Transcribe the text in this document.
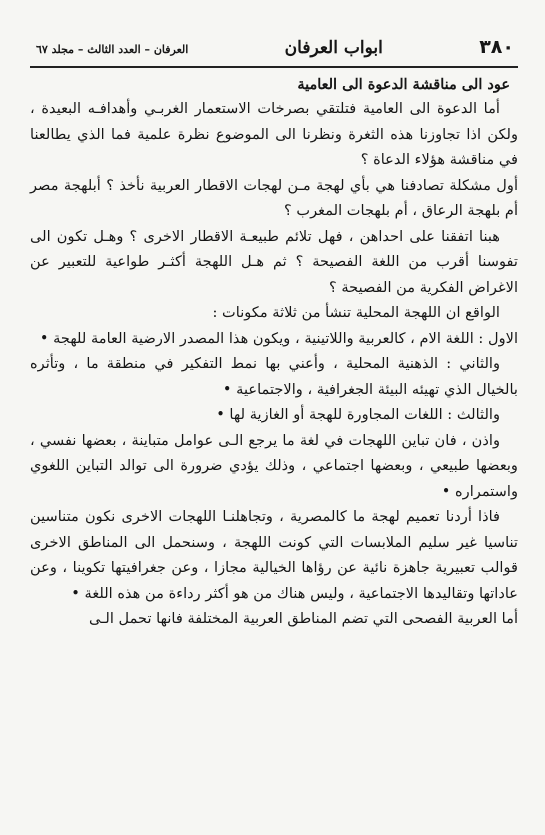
٣٨٠
ابواب العرفان
العرفان – العدد الثالث – مجلد ٦٧
عود الى مناقشة الدعوة الى العامية

أما الدعوة الى العامية فتلتقي بصرخات الاستعمار الغربـي وأهدافـه البعيدة ، ولكن اذا تجاوزنا هذه الثغرة ونظرنا الى الموضوع نظرة علمية فما الذي يطالعنا في مناقشة هؤلاء الدعاة ؟

أول مشكلة تصادفنا هي بأي لهجة مـن لهجات الاقطار العربية نأخذ ؟ أبلهجة مصر أم بلهجة الرعاق ، أم بلهجات المغرب ؟

هبنا اتفقنا على احداهن ، فهل تلائم طبيعـة الاقطار الاخرى ؟ وهـل تكون الى تفوسنا أقرب من اللغة الفصيحة ؟ ثم هـل اللهجة أكثـر طواعية للتعبير عن الاغراض الفكرية من الفصيحة ؟

الواقع ان اللهجة المحلية تنشأ من ثلاثة مكونات :

الاول : اللغة الام ، كالعربية واللاتينية ، ويكون هذا المصدر الارضية العامة للهجة •

والثاني : الذهنية المحلية ، وأعني بها نمط التفكير في منطقة ما ، وتأثره بالخيال الذي تهيئه البيئة الجغرافية ، والاجتماعية •

والثالث : اللغات المجاورة للهجة أو الغازية لها •

واذن ، فان تباين اللهجات في لغة ما يرجع الـى عوامل متباينة ، بعضها نفسي ، وبعضها طبيعي ، وبعضها اجتماعي ، وذلك يؤدي ضرورة الى توالد التباين اللغوي واستمراره •

فاذا أردنا تعميم لهجة ما كالمصرية ، وتجاهلنـا اللهجات الاخرى نكون متناسين تناسيا غير سليم الملابسات التي كونت اللهجة ، وسنحمل الى المناطق الاخرى قوالب تعبيرية جاهزة نائية عن رؤاها الخيالية مجازا ، وعن جغرافيتها تكوينا ، وعن عاداتها وتقاليدها الاجتماعية ، وليس هناك من هو أكثر رداءة من هذه اللغة •

أما العربية الفصحى التي تضم المناطق العربية المختلفة فانها تحمل الـى
